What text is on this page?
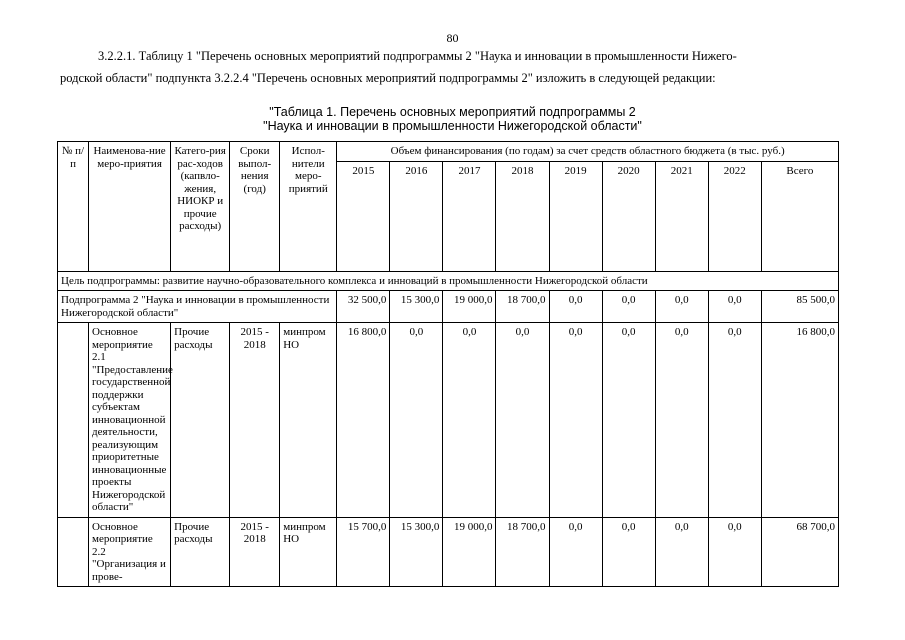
80
3.2.2.1. Таблицу 1 "Перечень основных мероприятий подпрограммы 2 "Наука и инновации в промышленности Нижего-
родской области" подпункта 3.2.2.4 "Перечень основных мероприятий подпрограммы 2" изложить в следующей редакции:
"Таблица 1. Перечень основных мероприятий подпрограммы 2
"Наука и инновации в промышленности Нижегородской области"
№ п/п	Наименова-ние меро-приятия	Катего-рия рас-ходов (капвло-жения, НИОКР и прочие расходы)	Сроки выпол-нения (год)	Испол-нители меро-приятий	Объем финансирования (по годам) за счет средств областного бюджета (в тыс. руб.)								
					2015	2016	2017	2018	2019	2020	2021	2022	Всего
Цель подпрограммы: развитие научно-образовательного комплекса и инноваций в промышленности Нижегородской области													
Подпрограмма 2 "Наука и инновации в промышленности Нижегородской области"					32 500,0	15 300,0	19 000,0	18 700,0	0,0	0,0	0,0	0,0	85 500,0
	Основное мероприятие 2.1 "Предоставление государственной поддержки субъектам инновационной деятельности, реализующим приоритетные инновационные проекты Нижегородской области"	Прочие расходы	2015 - 2018	минпром НО	16 800,0	0,0	0,0	0,0	0,0	0,0	0,0	0,0	16 800,0
	Основное мероприятие 2.2 "Организация и прове-	Прочие расходы	2015 - 2018	минпром НО	15 700,0	15 300,0	19 000,0	18 700,0	0,0	0,0	0,0	0,0	68 700,0
